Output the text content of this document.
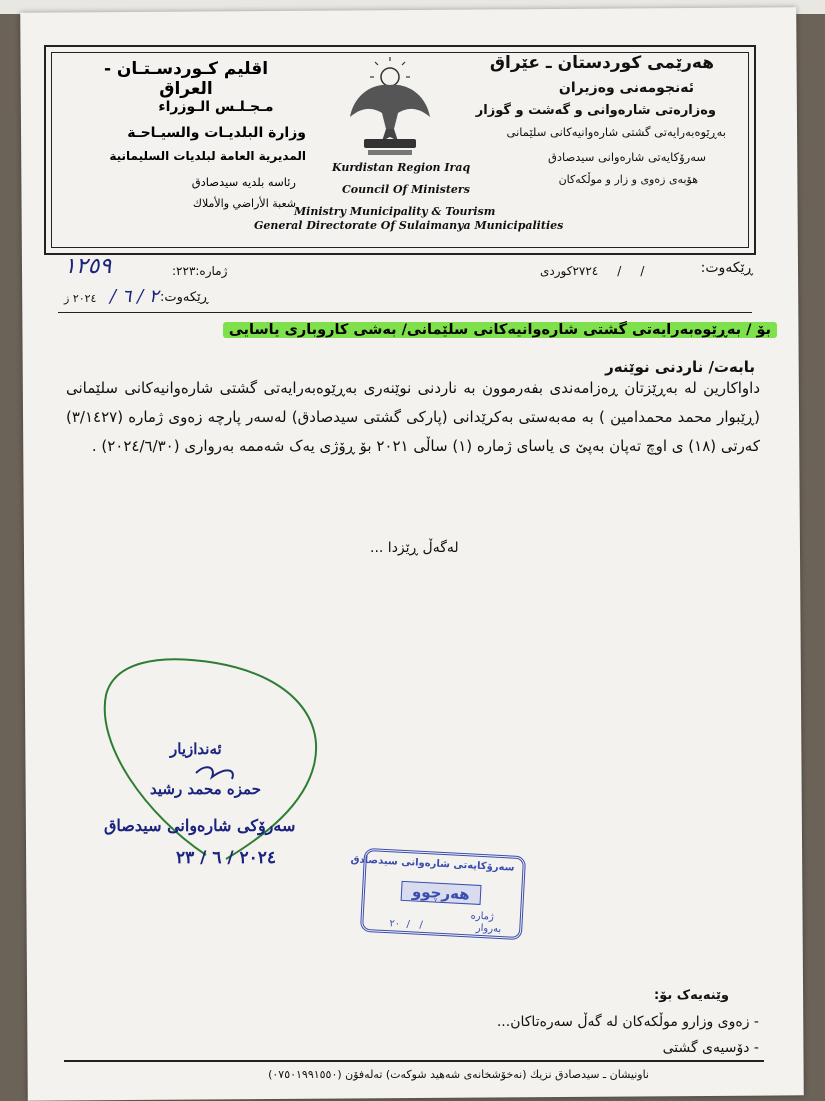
هەرێمی کوردستان ـ عێراق
ئەنجومەنی وەزیران
وەزارەتی شارەوانی و گەشت و گوزار
بەڕێوەبەرایەتی گشتی شارەوانیەکانی سلێمانی
سەرۆکایەتی شارەوانی سیدصادق
هۆبەی زەوی و زار و موڵکەکان
اقليم كـوردسـتـان - العراق
مـجـلـس الـوزراء
وزارة البلديـات والسيـاحـة
المديرية العامة لبلديات السليمانية
رئاسه بلديه سيدصادق
شعبة الأراضي والأملاك
Kurdistan Region Iraq
Council Of Ministers
Ministry Municipality & Tourism
General Directorate Of Sulaimanya Municipalities
ڕێکەوت:
/     /     ٢٧٢٤کوردی
ژمارە:٢٢٣:
١٢٥٩
ڕێکەوت:
/ ٢ / ٦
٢٠٢٤ ز
بۆ / بەڕێوەبەرایەتی گشتی شارەوانیەکانی سلێمانی/ بەشی کاروباری یاسایی
بابەت/ ناردنی نوێنەر
داواکارین لە بەڕێزتان ڕەزامەندی بفەرموون بە ناردنی نوێنەری بەڕێوەبەرایەتی گشتی شارەوانیەکانی سلێمانی (ڕێبوار محمد محمدامین ) بە مەبەستی بەکرێدانی (پارکی گشتی سیدصادق) لەسەر پارچە زەوی ژمارە (٣/١٤٢٧) کەرتی (١٨) ی اوچ تەپان بەپێ ی یاسای ژمارە (١) ساڵی ٢٠٢١ بۆ ڕۆژی یەک شەممە بەرواری (٢٠٢٤/٦/٣٠) .
لەگەڵ ڕێزدا ...
ئەندازیار
حمزه محمد رشید
سەرۆکی شارەوانی سیدصاق
٢٠٢٤ / ٦ / ٢٣	سەرۆکایەتی شارەوانی سیدصادق
هەرچوو
ژمارە
بەروار
٢٠  /   /
وێنەیەک بۆ:
- زەوی وزارو موڵکەکان لە گەڵ سەرەتاکان...
- دۆسیەی گشتی
ناونیشان ـ سیدصادق نزیك (نەخۆشخانەی شەهید شوکەت) تەلەفۆن (٠٧٥٠١٩٩١٥٥٠)
